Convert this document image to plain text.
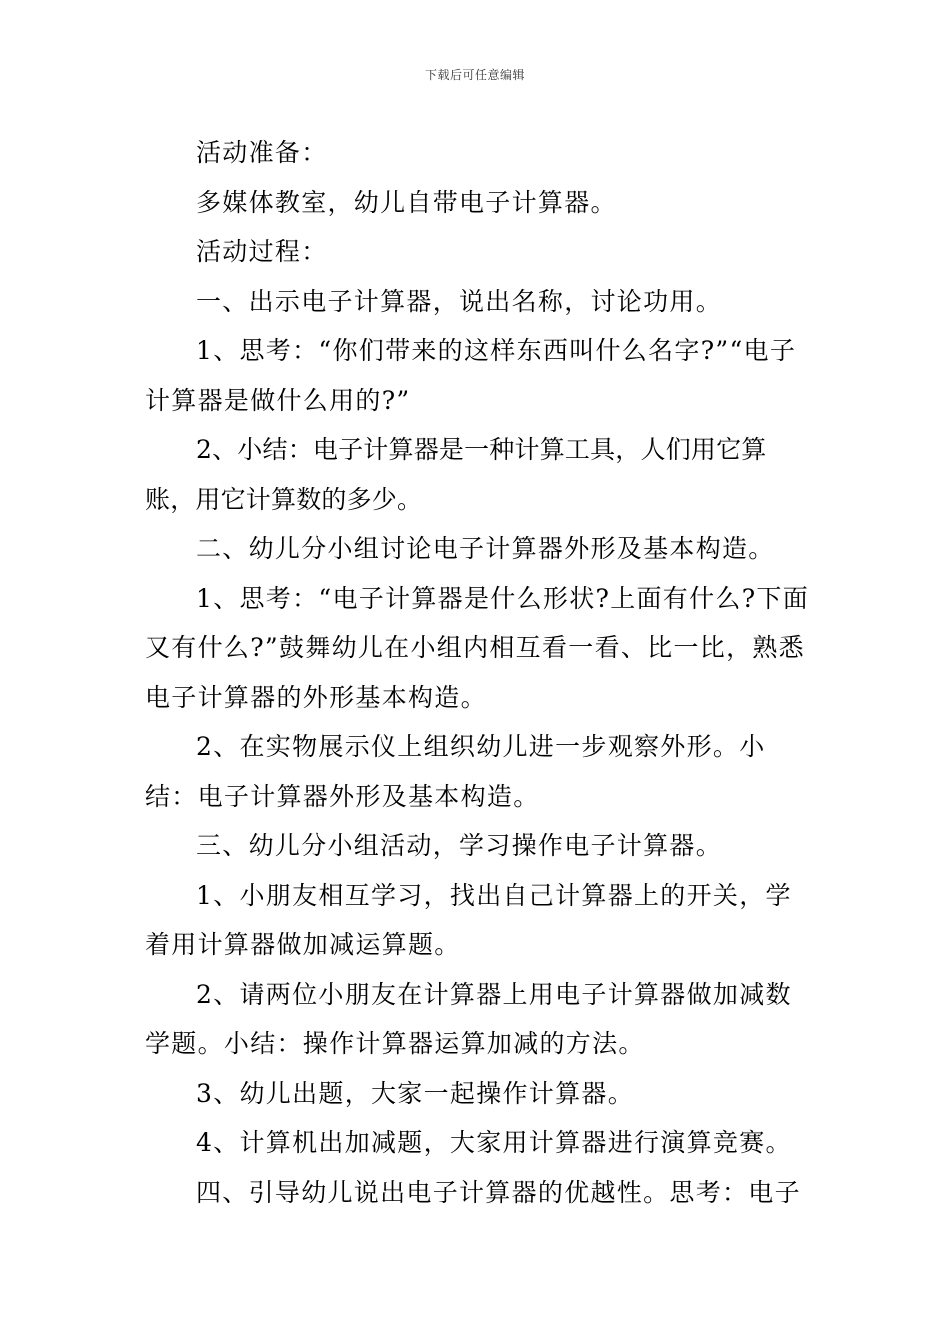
下载后可任意编辑

活动准备：

多媒体教室，幼儿自带电子计算器。

活动过程：

一、出示电子计算器，说出名称，讨论功用。

1、思考：“你们带来的这样东西叫什么名字?”“电子计算器是做什么用的?”

2、小结：电子计算器是一种计算工具，人们用它算账，用它计算数的多少。

二、幼儿分小组讨论电子计算器外形及基本构造。

1、思考：“电子计算器是什么形状?上面有什么?下面又有什么?”鼓舞幼儿在小组内相互看一看、比一比，熟悉电子计算器的外形基本构造。

2、在实物展示仪上组织幼儿进一步观察外形。小结：电子计算器外形及基本构造。

三、幼儿分小组活动，学习操作电子计算器。

1、小朋友相互学习，找出自己计算器上的开关，学着用计算器做加减运算题。

2、请两位小朋友在计算器上用电子计算器做加减数学题。小结：操作计算器运算加减的方法。

3、幼儿出题，大家一起操作计算器。

4、计算机出加减题，大家用计算器进行演算竞赛。

四、引导幼儿说出电子计算器的优越性。思考：电子
